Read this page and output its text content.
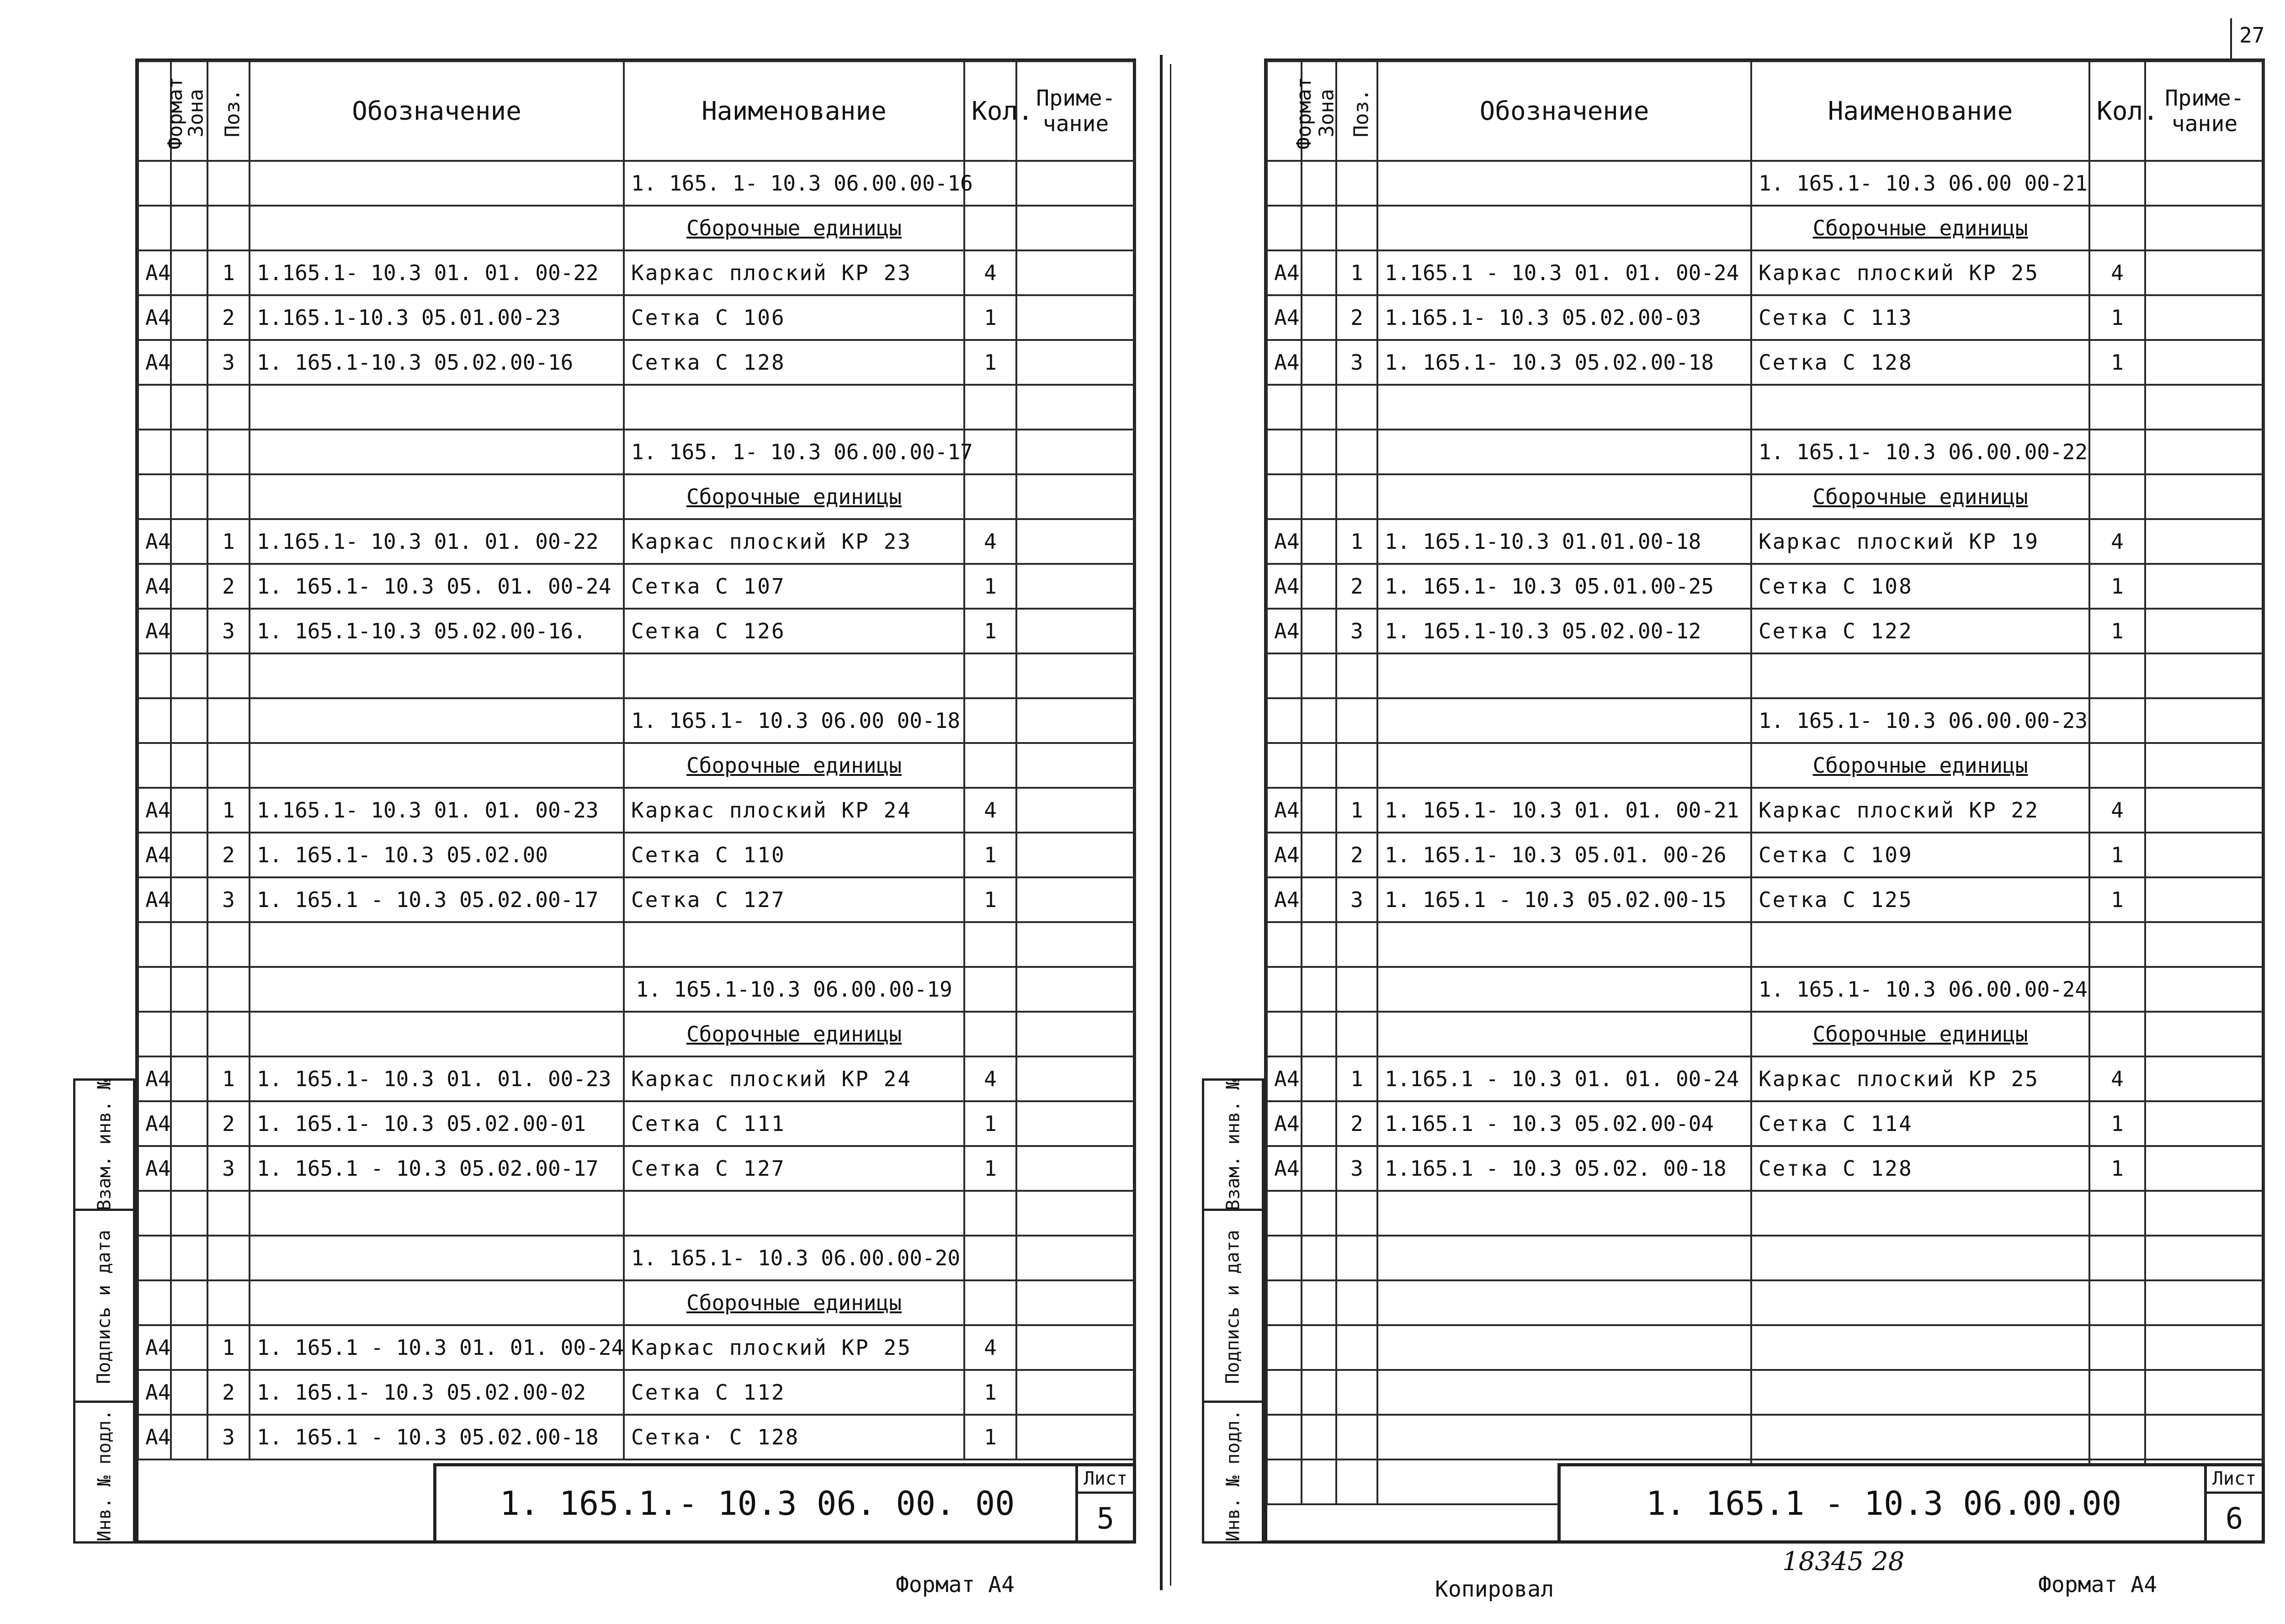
Формат	Зона	Поз.	Обозначение	Наименование	Кол.	Приме-
чание
				1. 165. 1- 10.3 06.00.00-16		
				Сборочные единицы		
А4		1	1.165.1- 10.3 01. 01. 00-22	Каркас плоский КР 23	4	
А4		2	1.165.1-10.3 05.01.00-23	Сетка С 106	1	
А4		3	1. 165.1-10.3 05.02.00-16	Сетка С 128	1	

				1. 165. 1- 10.3 06.00.00-17		
				Сборочные единицы		
А4		1	1.165.1- 10.3 01. 01. 00-22	Каркас плоский КР 23	4	
А4		2	1. 165.1- 10.3 05. 01. 00-24	Сетка С 107	1	
А4		3	1. 165.1-10.3 05.02.00-16.	Сетка С 126	1	

				1. 165.1- 10.3 06.00 00-18		
				Сборочные единицы		
А4		1	1.165.1- 10.3 01. 01. 00-23	Каркас плоский КР 24	4	
А4		2	1. 165.1- 10.3 05.02.00	Сетка С 110	1	
А4		3	1. 165.1 - 10.3 05.02.00-17	Сетка С 127	1	

				1. 165.1-10.3 06.00.00-19		
				Сборочные единицы		
А4		1	1. 165.1- 10.3 01. 01. 00-23	Каркас плоский КР 24	4	
А4		2	1. 165.1- 10.3 05.02.00-01	Сетка С 111	1	
А4		3	1. 165.1 - 10.3 05.02.00-17	Сетка С 127	1	

				1. 165.1- 10.3 06.00.00-20		
				Сборочные единицы		
А4		1	1. 165.1 - 10.3 01. 01. 00-24	Каркас плоский КР 25	4	
А4		2	1. 165.1- 10.3 05.02.00-02	Сетка С 112	1	
А4		3	1. 165.1 - 10.3 05.02.00-18	Сетка· С 128	1	
1. 165.1.- 10.3 06. 00. 00
Лист
5
Взам. инв. №
Подпись и дата
Инв. № подл.
Формат А4
27
Формат	Зона	Поз.	Обозначение	Наименование	Кол.	Приме-
чание
				1. 165.1- 10.3 06.00 00-21		
				Сборочные единицы		
А4		1	1.165.1 - 10.3 01. 01. 00-24	Каркас плоский КР 25	4	
А4		2	1.165.1- 10.3 05.02.00-03	Сетка С 113	1	
А4		3	1. 165.1- 10.3 05.02.00-18	Сетка С 128	1	

				1. 165.1- 10.3 06.00.00-22		
				Сборочные единицы		
А4		1	1. 165.1-10.3 01.01.00-18	Каркас плоский КР 19	4	
А4		2	1. 165.1- 10.3 05.01.00-25	Сетка С 108	1	
А4		3	1. 165.1-10.3 05.02.00-12	Сетка С 122	1	

				1. 165.1- 10.3 06.00.00-23		
				Сборочные единицы		
А4		1	1. 165.1- 10.3 01. 01. 00-21	Каркас плоский КР 22	4	
А4		2	1. 165.1- 10.3 05.01. 00-26	Сетка С 109	1	
А4		3	1. 165.1 - 10.3 05.02.00-15	Сетка С 125	1	

				1. 165.1- 10.3 06.00.00-24		
				Сборочные единицы		
А4		1	1.165.1 - 10.3 01. 01. 00-24	Каркас плоский КР 25	4	
А4		2	1.165.1 - 10.3 05.02.00-04	Сетка С 114	1	
А4		3	1.165.1 - 10.3 05.02. 00-18	Сетка С 128	1	

1. 165.1 - 10.3 06.00.00
Лист
6
Взам. инв. №
Подпись и дата
Инв. № подл.
18345 28
Копировал	Формат А4
